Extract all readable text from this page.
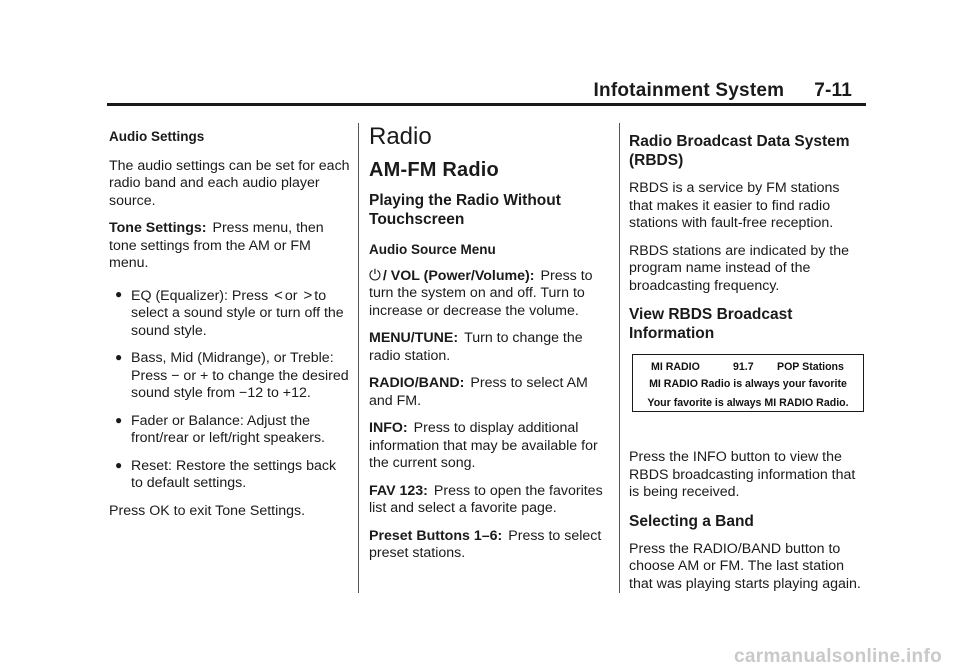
Infotainment System 7-11
Audio Settings

The audio settings can be set for each radio band and each audio player source.

Tone Settings: Press menu, then tone settings from the AM or FM menu.

● EQ (Equalizer): Press < or > to select a sound style or turn off the sound style.
● Bass, Mid (Midrange), or Treble: Press − or + to change the desired sound style from −12 to +12.
● Fader or Balance: Adjust the front/rear or left/right speakers.
● Reset: Restore the settings back to default settings.

Press OK to exit Tone Settings.

Radio
AM-FM Radio
Playing the Radio Without Touchscreen
Audio Source Menu

⏻ / VOL (Power/Volume): Press to turn the system on and off. Turn to increase or decrease the volume.

MENU/TUNE: Turn to change the radio station.

RADIO/BAND: Press to select AM and FM.

INFO: Press to display additional information that may be available for the current song.

FAV 123: Press to open the favorites list and select a favorite page.

Preset Buttons 1–6: Press to select preset stations.

Radio Broadcast Data System (RBDS)

RBDS is a service by FM stations that makes it easier to find radio stations with fault-free reception.

RBDS stations are indicated by the program name instead of the broadcasting frequency.

View RBDS Broadcast Information

Press the INFO button to view the RBDS broadcasting information that is being received.

Selecting a Band

Press the RADIO/BAND button to choose AM or FM. The last station that was playing starts playing again.

MI RADIO	91.7 POP Stations
MI RADIO Radio is always your favorite
Your favorite is always MI RADIO Radio.
carmanualsonline.info
